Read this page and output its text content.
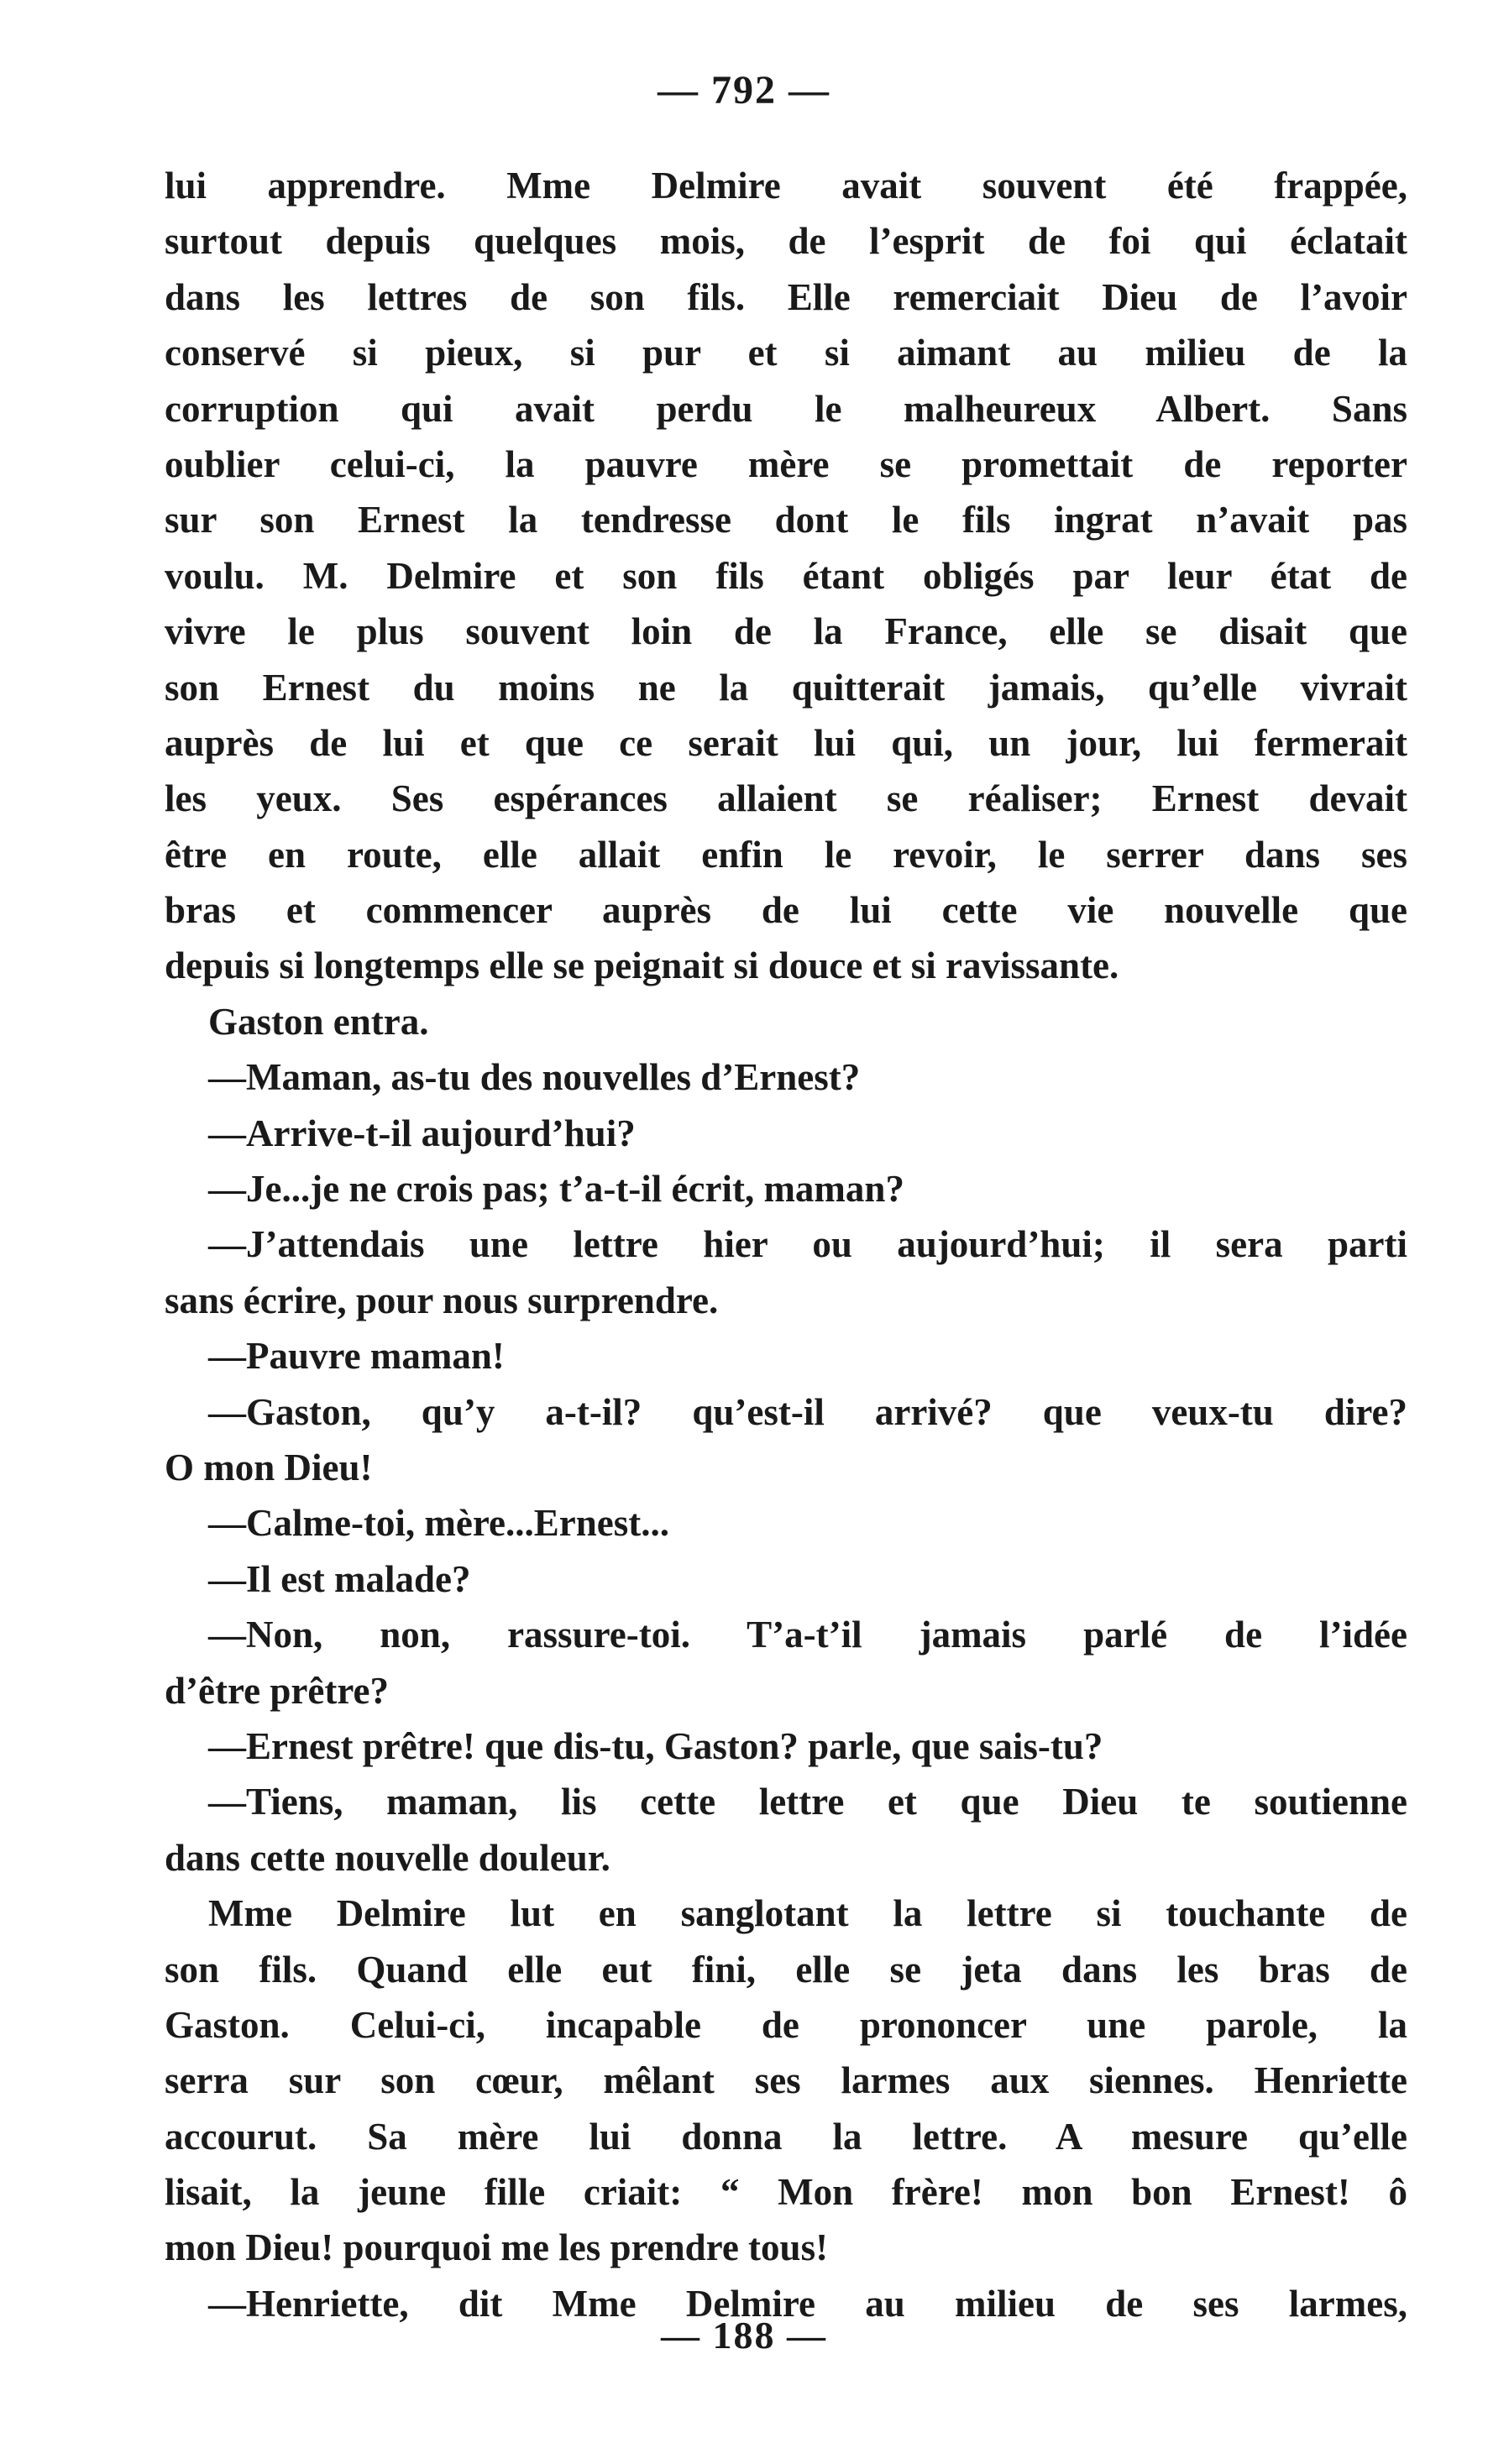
— 792 —
lui apprendre. Mme Delmire avait souvent été frappée,
surtout depuis quelques mois, de l’esprit de foi qui éclatait
dans les lettres de son fils. Elle remerciait Dieu de l’avoir
conservé si pieux, si pur et si aimant au milieu de la
corruption qui avait perdu le malheureux Albert. Sans
oublier celui-ci, la pauvre mère se promettait de reporter
sur son Ernest la tendresse dont le fils ingrat n’avait pas
voulu. M. Delmire et son fils étant obligés par leur état de
vivre le plus souvent loin de la France, elle se disait que
son Ernest du moins ne la quitterait jamais, qu’elle vivrait
auprès de lui et que ce serait lui qui, un jour, lui fermerait
les yeux. Ses espérances allaient se réaliser; Ernest devait
être en route, elle allait enfin le revoir, le serrer dans ses
bras et commencer auprès de lui cette vie nouvelle que
depuis si longtemps elle se peignait si douce et si ravissante.
Gaston entra.
—Maman, as-tu des nouvelles d’Ernest?
—Arrive-t-il aujourd’hui?
—Je...je ne crois pas; t’a-t-il écrit, maman?
—J’attendais une lettre hier ou aujourd’hui; il sera parti
sans écrire, pour nous surprendre.
—Pauvre maman!
—Gaston, qu’y a-t-il? qu’est-il arrivé? que veux-tu dire?
O mon Dieu!
—Calme-toi, mère...Ernest...
—Il est malade?
—Non, non, rassure-toi. T’a-t’il jamais parlé de l’idée
d’être prêtre?
—Ernest prêtre! que dis-tu, Gaston? parle, que sais-tu?
—Tiens, maman, lis cette lettre et que Dieu te soutienne
dans cette nouvelle douleur.
Mme Delmire lut en sanglotant la lettre si touchante de
son fils. Quand elle eut fini, elle se jeta dans les bras de
Gaston. Celui-ci, incapable de prononcer une parole, la
serra sur son cœur, mêlant ses larmes aux siennes. Henriette
accourut. Sa mère lui donna la lettre. A mesure qu’elle
lisait, la jeune fille criait: “ Mon frère! mon bon Ernest! ô
mon Dieu! pourquoi me les prendre tous!
—Henriette, dit Mme Delmire au milieu de ses larmes,
— 188 —
